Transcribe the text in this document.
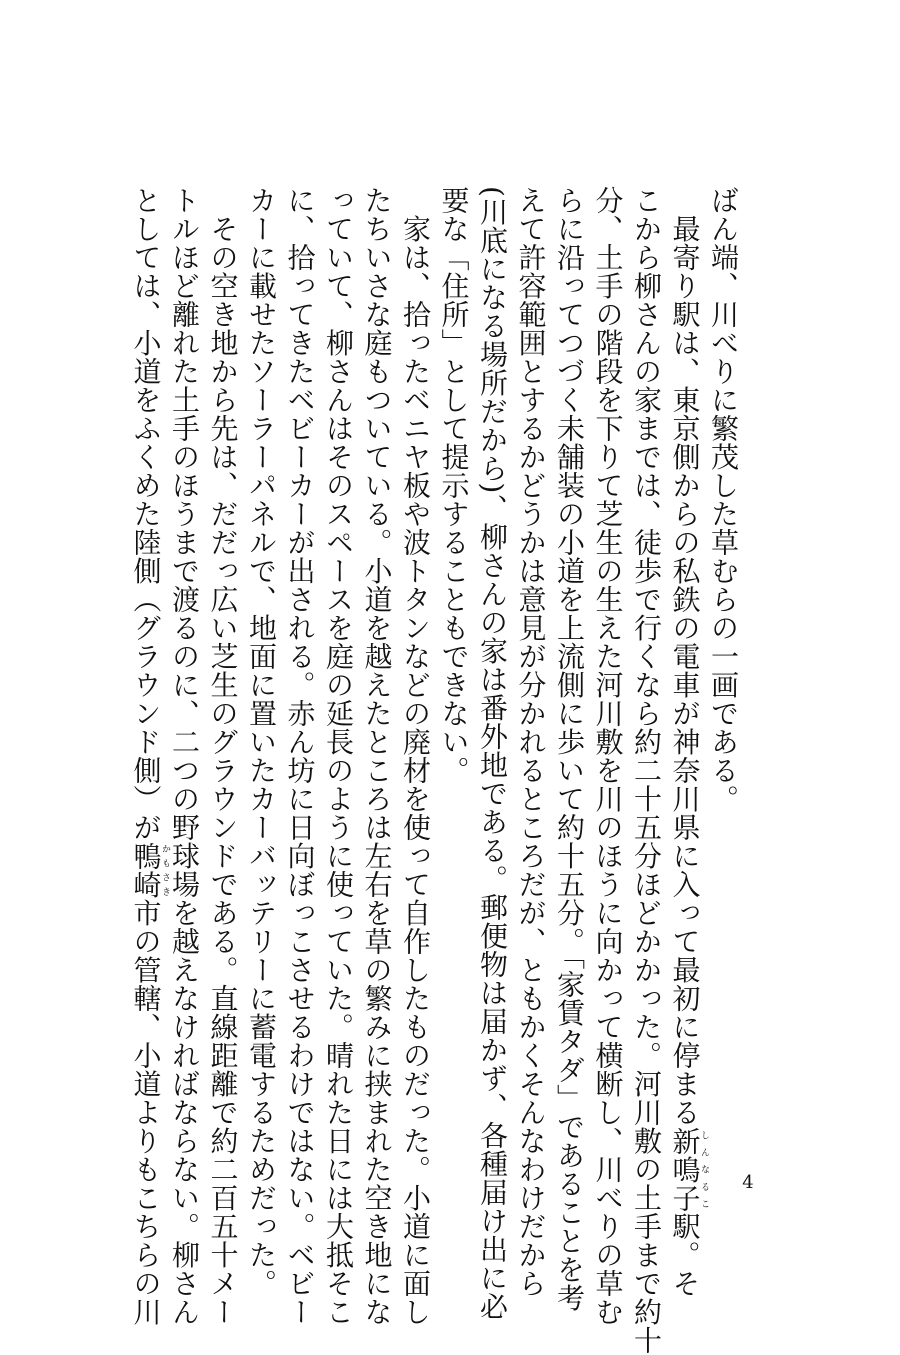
ばん端、川べりに繁茂した草むらの一画である。
　最寄り駅は、東京側からの私鉄の電車が神奈川県に入って最初に停まる新鳴子しんなるこ駅。そ
こから柳さんの家までは、徒歩で行くなら約二十五分ほどかかった。河川敷の土手まで約十
分、土手の階段を下りて芝生の生えた河川敷を川のほうに向かって横断し、川べりの草む
らに沿ってつづく未舗装の小道を上流側に歩いて約十五分。「家賃タダ」であることを考
えて許容範囲とするかどうかは意見が分かれるところだが、ともかくそんなわけだから
(川底になる場所だから)、柳さんの家は番外地である。郵便物は届かず、各種届け出に必
要な「住所」として提示することもできない。
　家は、拾ったベニヤ板や波トタンなどの廃材を使って自作したものだった。小道に面し
たちいさな庭もついている。小道を越えたところは左右を草の繁みに挟まれた空き地にな
っていて、柳さんはそのスペースを庭の延長のように使っていた。晴れた日には大抵そこ
に、拾ってきたベビーカーが出される。赤ん坊に日向ぼっこさせるわけではない。ベビー
カーに載せたソーラーパネルで、地面に置いたカーバッテリーに蓄電するためだった。
　その空き地から先は、だだっ広い芝生のグラウンドである。直線距離で約二百五十メー
トルほど離れた土手のほうまで渡るのに、二つの野球場を越えなければならない。柳さん
としては、小道をふくめた陸側（グラウンド側）が鴨崎かもさき市の管轄、小道よりもこちらの川	4
